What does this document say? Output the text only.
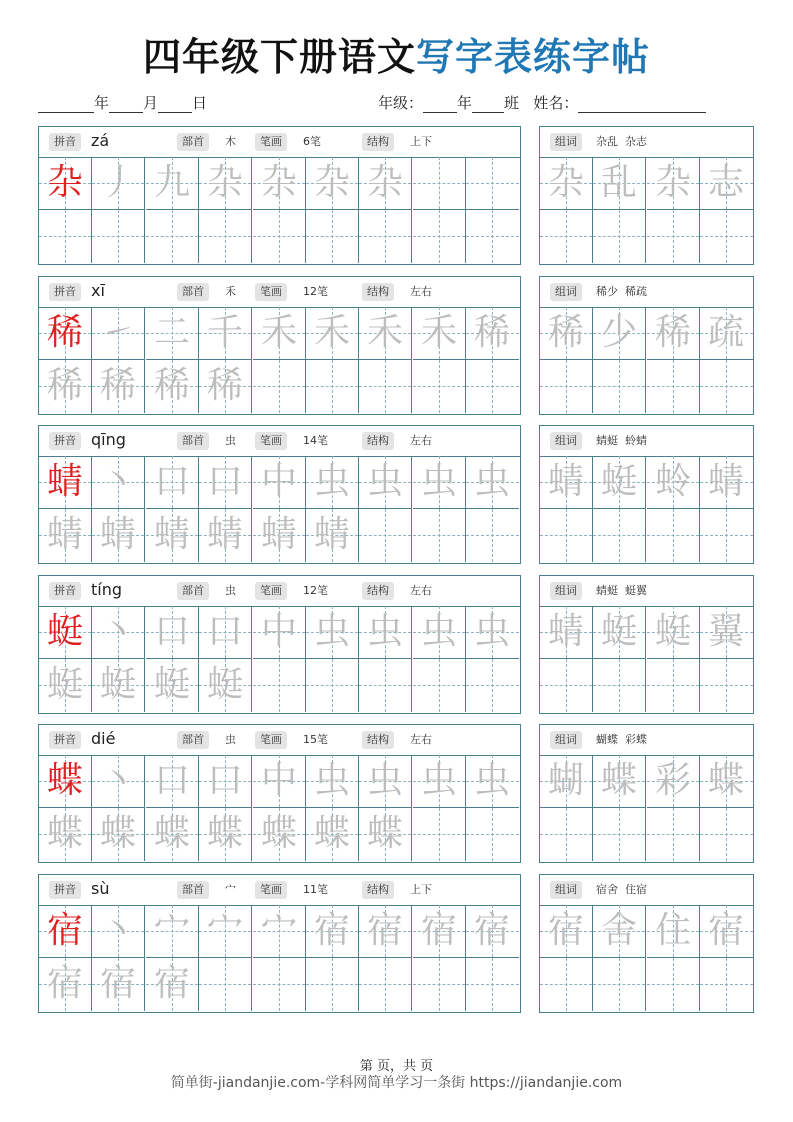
四年级下册语文写字表练字帖
年 月 日	年级： 年 班 姓名：
拼音 zá	部首	木	笔画	6笔	结构	上下
杂 丿 九 杂 杂 杂 杂
组词	杂乱  杂志
杂 乱 杂 志
拼音 xī	部首	禾	笔画	12笔	结构	左右
稀 ㇀ 二 千 禾 禾 禾 禾 稀
稀 稀 稀 稀
组词	稀少  稀疏
稀 少 稀 疏
拼音 qīng	部首	虫	笔画	14笔	结构	左右
蜻 丶 口 口 中 虫 虫 虫 虫
蜻 蜻 蜻 蜻 蜻 蜻
组词	蜻蜓  蛉蜻
蜻 蜓 蛉 蜻
拼音 tíng	部首	虫	笔画	12笔	结构	左右
蜓 丶 口 口 中 虫 虫 虫 虫
蜓 蜓 蜓 蜓
组词	蜻蜓  蜓翼
蜻 蜓 蜓 翼
拼音 dié	部首	虫	笔画	15笔	结构	左右
蝶 丶 口 口 中 虫 虫 虫 虫
蝶 蝶 蝶 蝶 蝶 蝶 蝶
组词	蝴蝶  彩蝶
蝴 蝶 彩 蝶
拼音 sù	部首	宀	笔画	11笔	结构	上下
宿 丶 宀 宀 宀 宿 宿 宿 宿
宿 宿 宿
组词	宿舍  住宿
宿 舍 住 宿
第 页，共 页
简单街-jiandanjie.com-学科网简单学习一条街 https://jiandanjie.com
